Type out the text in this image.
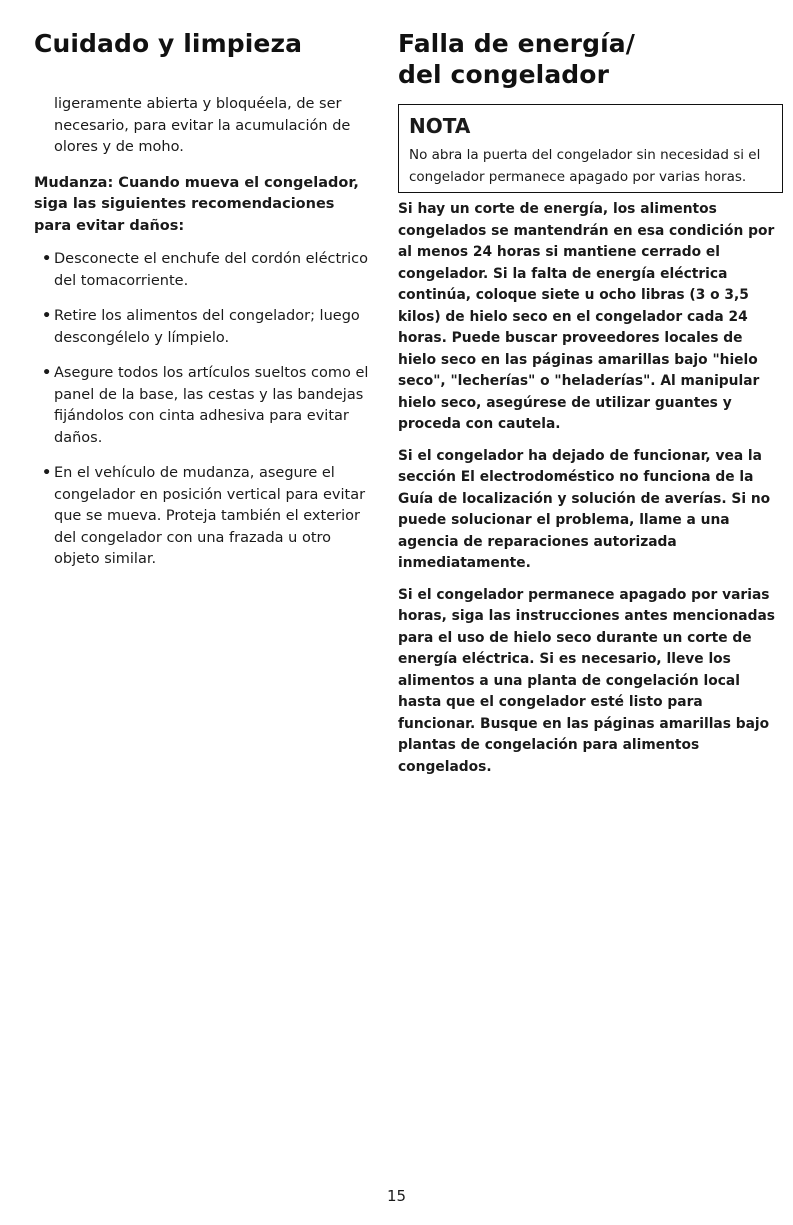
Cuidado y limpieza

ligeramente abierta y bloquéela, de ser necesario, para evitar la acumulación de olores y de moho.

Mudanza: Cuando mueva el congelador, siga las siguientes recomendaciones para evitar daños:

• Desconecte el enchufe del cordón eléctrico del tomacorriente.
• Retire los alimentos del congelador; luego descongélelo y límpielo.
• Asegure todos los artículos sueltos como el panel de la base, las cestas y las bandejas fijándolos con cinta adhesiva para evitar daños.
• En el vehículo de mudanza, asegure el congelador en posición vertical para evitar que se mueva. Proteja también el exterior del congelador con una frazada u otro objeto similar.
Falla de energía/
del congelador

NOTA

No abra la puerta del congelador sin necesidad si el congelador permanece apagado por varias horas.

Si hay un corte de energía, los alimentos congelados se mantendrán en esa condición por al menos 24 horas si mantiene cerrado el congelador. Si la falta de energía eléctrica continúa, coloque siete u ocho libras (3 o 3,5 kilos) de hielo seco en el congelador cada 24 horas. Puede buscar proveedores locales de hielo seco en las páginas amarillas bajo "hielo seco", "lecherías" o "heladerías". Al manipular hielo seco, asegúrese de utilizar guantes y proceda con cautela.

Si el congelador ha dejado de funcionar, vea la sección El electrodoméstico no funciona de la Guía de localización y solución de averías. Si no puede solucionar el problema, llame a una agencia de reparaciones autorizada inmediatamente.

Si el congelador permanece apagado por varias horas, siga las instrucciones antes mencionadas para el uso de hielo seco durante un corte de energía eléctrica. Si es necesario, lleve los alimentos a una planta de congelación local hasta que el congelador esté listo para funcionar. Busque en las páginas amarillas bajo plantas de congelación para alimentos congelados.

15
